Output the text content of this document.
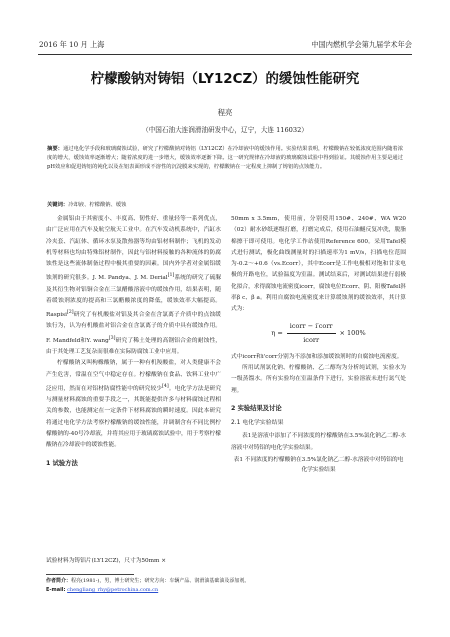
2016 年 10 月 上海	中国内燃机学会第九届学术年会
柠檬酸钠对铸铝（LY12CZ）的缓蚀性能研究
程亮
（中国石油大连润滑油研发中心，辽宁，大连 116032）
摘要：通过电化学手段和玻璃腐蚀试验，研究了柠檬酸钠对铸铝（LY12CZ）在冷却液中的缓蚀作用。实验结果表明，柠檬酸钠在较低浓度范围内随着浓度的增大，缓蚀效率逐渐增大；随着浓度的进一步增大，缓蚀效率逐渐下降。这一研究规律在冷却液的玻璃腐蚀试验中得到验证。其缓蚀作用主要是通过pH效应和促进铸铝的钝化以及在铝表面形成不溶性的沉淀膜来实现的，柠檬酸钠在一定程度上抑制了铸铝的点蚀能力。
关键词：冷却液、柠檬酸钠、缓蚀

金属铝由于其密度小、丰度高、韧性好、重量轻等一系列优点，由广泛应用在汽车及航空航天工业中。在汽车发动机系统中，汽缸水冷夹套、汽缸体、循环水泵及散热器等均由铝材料制作；飞机的发动机等材料也均由特殊铝材制作，因此与铝材料接触的各种流体的防腐蚀性是这些流体制备过程中极其重要的因素。国内外学者对金属铝缓蚀剂的研究很多。J. M. Pandya、J. M. Derial[1]系统的研究了硫脲及其衍生物对铝铜合金在三氯醋酸溶液中的缓蚀作用，结果表明，随着缓蚀剂浓度的提高和三氯醋酸浓度的降低，缓蚀效率大幅提高。Raspisi[2]研究了有机酸盐对铝及其合金在含氯离子介质中的点蚀缓蚀行为，认为有机酸盐对铝合金在含氯离子的介质中具有缓蚀作用。F. Mandfeld和Y. wang[3]研究了稀土处理的高钢铝合金的耐蚀性，由于其处理工艺复杂而很难在实际防腐蚀工业中应用。

柠檬酸钠又叫枸橼酸钠，属于一种有机羧酸盐，对人类健康不会产生危害，常温在空气中稳定存在。柠檬酸钠在食品、饮料工业中广泛应用，然而在对铝材防腐性能中的研究较少[4]。电化学方法是研究与测量材料腐蚀的重要手段之一，其既能提供许多与材料腐蚀过程相关的参数，也能测定在一定条件下材料腐蚀的瞬时速度。因此本研究将通过电化学方法考察柠檬酸钠的缓蚀性能，并调制含有不同比例柠檬酸钠的-40号冷却液，并将其应用于玻璃腐蚀试验中，用于考察柠檬酸钠在冷却液中的缓蚀性能。

1 试验方法

50mm x 3.5mm，使用前，分别使用150#、240#、WA W20（02）耐水砂纸逐级打磨，打磨完成后，使用石油醚反复冲洗，脱脂棉擦干即可使用。电化学工作站使用Reference 600。采用Tafel模式进行测试，极化曲线测量时的扫描速率为1 mV/s，扫描电位范围为-0.2～+0.6（vs.Ecorr），其中Ecorr是工作电极相对饱和甘汞电极的开路电位，试验温度为室温。测试结束后，对测试结果进行弱极化拟合，求得腐蚀电流密度icorr，腐蚀电位Ecorr、阴、阳极Tafel斜率β c、β a。利用自腐蚀电流密度来计算缓蚀剂的缓蚀效率，其计算式为：

$\eta = \frac{\text{icorr − i′corr}}{\text{icorr}} \times 100\%$

式中icorr和i'corr分别为不添加和添加缓蚀剂时的自腐蚀电流密度。

所用试剂氯化钠、柠檬酸钠、乙二醇均为分析纯试剂，实验水为一级蒸馏水。所有实验均在室温条件下进行，实验溶液未进行氮气处理。

2 实验结果及讨论
2.1 电化学实验结果

表1是溶液中添加了不同浓度的柠檬酸钠在3.5%氯化钠乙二醇-水溶液中对铸铝的电化学实验结果。

表1 不同浓度的柠檬酸钠在3.5%氯化钠乙二醇-水溶液中对铸铝的电化学实验结果
试验材料为铸铝片(LY12CZ)，尺寸为50mm ×
作者简介：程亮(1981-)，男，博士研究生；研究方向：车辆产品、润滑油基础油及添加剂。
E-mail: chengliang_rhy@petrochina.com.cn
